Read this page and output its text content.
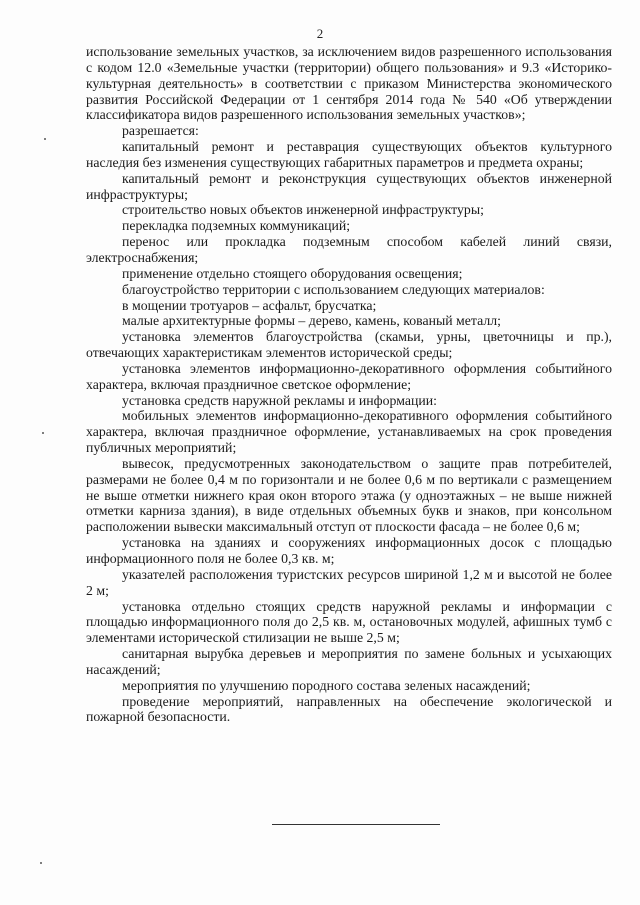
2

использование земельных участков, за исключением видов разрешенного использования с кодом 12.0 «Земельные участки (территории) общего пользования» и 9.3 «Историко-культурная деятельность» в соответствии с приказом Министерства экономического развития Российской Федерации от 1 сентября 2014 года № 540 «Об утверждении классификатора видов разрешенного использования земельных участков»;

разрешается:

капитальный ремонт и реставрация существующих объектов культурного наследия без изменения существующих габаритных параметров и предмета охраны;

капитальный ремонт и реконструкция существующих объектов инженерной инфраструктуры;

строительство новых объектов инженерной инфраструктуры;

перекладка подземных коммуникаций;

перенос или прокладка подземным способом кабелей линий связи, электроснабжения;

применение отдельно стоящего оборудования освещения;

благоустройство территории с использованием следующих материалов:

в мощении тротуаров – асфальт, брусчатка;

малые архитектурные формы – дерево, камень, кованый металл;

установка элементов благоустройства (скамьи, урны, цветочницы и пр.), отвечающих характеристикам элементов исторической среды;

установка элементов информационно-декоративного оформления событийного характера, включая праздничное светское оформление;

установка средств наружной рекламы и информации:

мобильных элементов информационно-декоративного оформления событийного характера, включая праздничное оформление, устанавливаемых на срок проведения публичных мероприятий;

вывесок, предусмотренных законодательством о защите прав потребителей, размерами не более 0,4 м по горизонтали и не более 0,6 м по вертикали с размещением не выше отметки нижнего края окон второго этажа (у одноэтажных – не выше нижней отметки карниза здания), в виде отдельных объемных букв и знаков, при консольном расположении вывески максимальный отступ от плоскости фасада – не более 0,6 м;

установка на зданиях и сооружениях информационных досок с площадью информационного поля не более 0,3 кв. м;

указателей расположения туристских ресурсов шириной 1,2 м и высотой не более 2 м;

установка отдельно стоящих средств наружной рекламы и информации с площадью информационного поля до 2,5 кв. м, остановочных модулей, афишных тумб с элементами исторической стилизации не выше 2,5 м;

санитарная вырубка деревьев и мероприятия по замене больных и усыхающих насаждений;

мероприятия по улучшению породного состава зеленых насаждений;

проведение мероприятий, направленных на обеспечение экологической и пожарной безопасности.
